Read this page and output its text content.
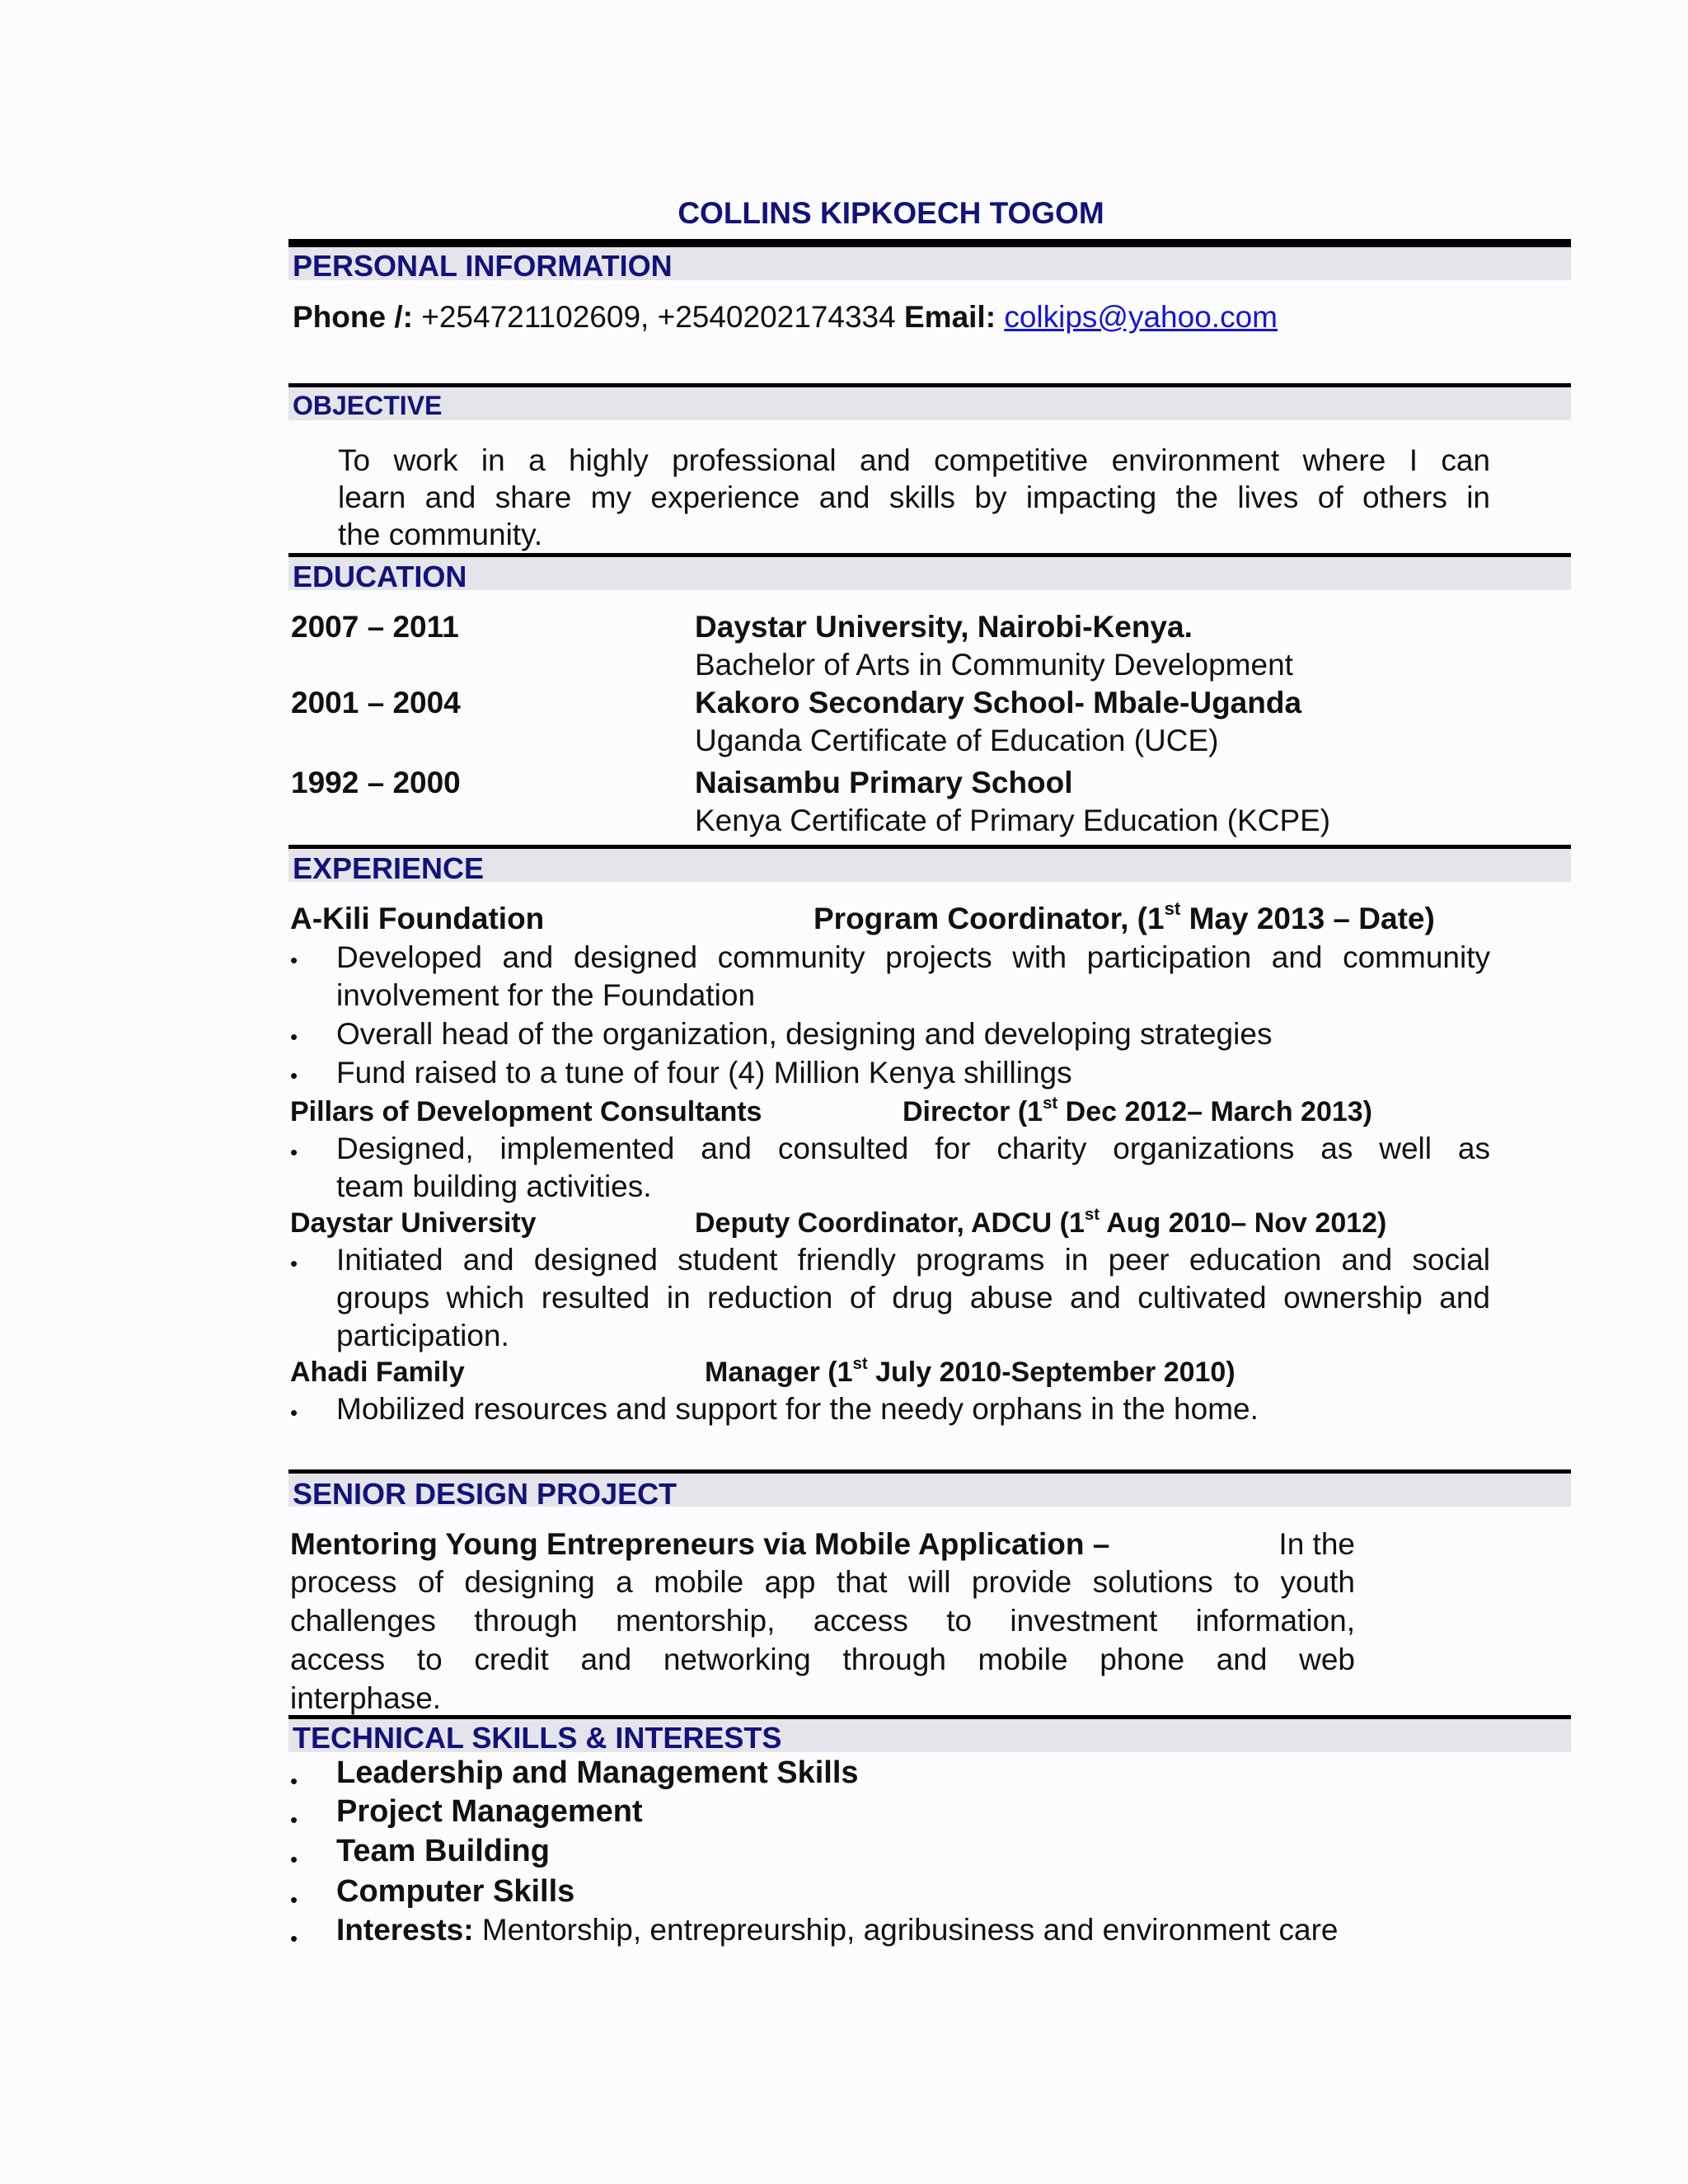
COLLINS KIPKOECH TOGOM
PERSONAL INFORMATION
Phone /: +254721102609, +2540202174334 Email: colkips@yahoo.com
OBJECTIVE
To work in a highly professional and competitive environment where I can
learn and share my experience and skills by impacting the lives of others in
the community.
EDUCATION
2007 – 2011	Daystar University, Nairobi-Kenya.
Bachelor of Arts in Community Development
2001 – 2004	Kakoro Secondary School- Mbale-Uganda
Uganda Certificate of Education (UCE)
1992 – 2000	Naisambu Primary School
Kenya Certificate of Primary Education (KCPE)
EXPERIENCE
A-Kili Foundation	Program Coordinator, (1st May 2013 – Date)
• Developed and designed community projects with participation and community
involvement for the Foundation
• Overall head of the organization, designing and developing strategies
• Fund raised to a tune of four (4) Million Kenya shillings
Pillars of Development Consultants	Director (1st Dec 2012– March 2013)
• Designed, implemented and consulted for charity organizations as well as
team building activities.
Daystar University	Deputy Coordinator, ADCU (1st Aug 2010– Nov 2012)
• Initiated and designed student friendly programs in peer education and social
groups which resulted in reduction of drug abuse and cultivated ownership and
participation.
Ahadi Family	Manager (1st July 2010-September 2010)
• Mobilized resources and support for the needy orphans in the home.
SENIOR DESIGN PROJECT
Mentoring Young Entrepreneurs via Mobile Application –	In the
process of designing a mobile app that will provide solutions to youth
challenges through mentorship, access to investment information,
access to credit and networking through mobile phone and web
interphase.
TECHNICAL SKILLS & INTERESTS
• Leadership and Management Skills
• Project Management
• Team Building
• Computer Skills
• Interests: Mentorship, entrepreurship, agribusiness and environment care
